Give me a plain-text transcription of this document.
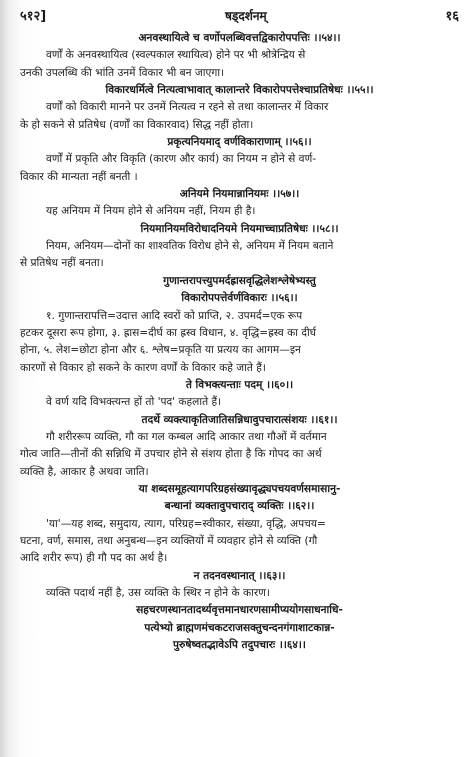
५१२]	षड्दर्शनम्	१६
अनवस्थायित्वे च वर्णोपलब्धिवत्तद्विकारोपपत्तिः ।।५४।।
वर्णों के अनवस्थायित्व (स्वल्पकाल स्थायित्व) होने पर भी श्रोत्रेन्द्रिय से
उनकी उपलब्धि की भांति उनमें विकार भी बन जाएगा।
विकारधर्मित्वे नित्यत्वाभावात् कालान्तरे विकारोपपत्तेश्चाप्रतिषेधः ।।५५।।
वर्णों को विकारी मानने पर उनमें नित्यत्व न रहने से तथा कालान्तर में विकार
के हो सकने से प्रतिषेध (वर्णों का विकारवाद) सिद्ध नहीं होता।
प्रकृत्यनियमाद् वर्णविकाराणाम् ।।५६।।
वर्णों में प्रकृति और विकृति (कारण और कार्य) का नियम न होने से वर्ण-
विकार की मान्यता नहीं बनती ।
अनियमे नियमान्नानियमः ।।५७।।
यह अनियम में नियम होने से अनियम नहीं, नियम ही है।
नियमानियमविरोधादनियमे नियमाच्चाप्रतिषेधः ।।५८।।
नियम, अनियम—दोनों का शाश्वतिक विरोध होने से, अनियम में नियम बताने
से प्रतिषेध नहीं बनता।
गुणान्तरापत्त्युपमर्दह्रासवृद्धिलेशश्लेषेभ्यस्तु
विकारोपपत्तेर्वर्णविकारः ।।५६।।
१. गुणान्तरापत्ति=उदात्त आदि स्वरों को प्राप्ति, २. उपमर्द=एक रूप
हटकर दूसरा रूप होगा, ३. ह्रास=दीर्घ का ह्रस्व विधान, ४. वृद्धि=ह्रस्व का दीर्घ
होना, ५. लेश=छोटा होना और ६. श्लेष=प्रकृति या प्रत्यय का आगम—इन
कारणों से विकार हो सकने के कारण वर्णों के विकार कहे जाते हैं।
ते विभक्त्यन्ताः पदम् ।।६०।।
वे वर्ण यदि विभक्त्यन्त हों तो 'पद' कहलाते हैं।
तदर्थे व्यक्त्याकृतिजातिसन्निधावुपचारात्संशयः ।।६१।।
गौ शरीररूप व्यक्ति, गौ का गल कम्बल आदि आकार तथा गौओं में वर्तमान
गोत्व जाति—तीनों की सन्निधि में उपचार होने से संशय होता है कि गोपद का अर्थ
व्यक्ति है, आकार है अथवा जाति।
या शब्दसमूहत्यागपरिग्रहसंख्यावृद्ध्यपचयवर्णसमासानु-
बन्धानां व्यक्तावुपचाराद् व्यक्तिः ।।६२।।
'या'—यह शब्द, समुदाय, त्याग, परिग्रह=स्वीकार, संख्या, वृद्धि, अपचय=
घटना, वर्ण, समास, तथा अनुबन्ध—इन व्यक्तियों में व्यवहार होने से व्यक्ति (गौ
आदि शरीर रूप) ही गौ पद का अर्थ है।
न तदनवस्थानात् ।।६३।।
व्यक्ति पदार्थ नहीं है, उस व्यक्ति के स्थिर न होने के कारण।
सहचरणस्थानतादर्थ्यवृत्तमानधारणसामीप्ययोगसाधनाधि-
पत्येभ्यो ब्राह्मणमंचकटराजसक्तुचन्दनगंगाशाटकान्न-
पुरुषेष्वतद्भावेऽपि तदुपचारः ।।६४।।
